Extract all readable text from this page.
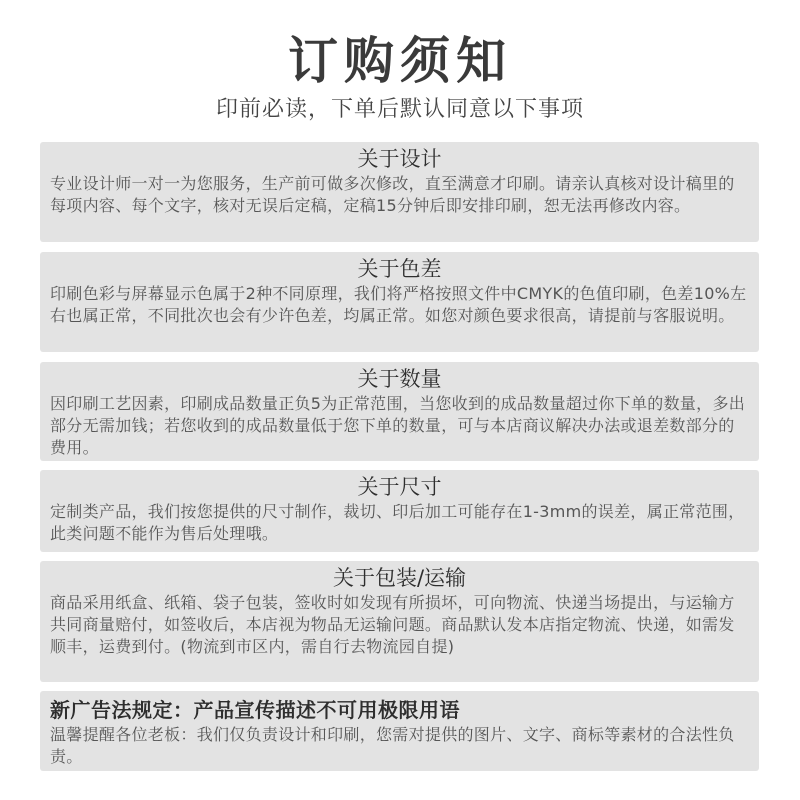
订购须知
印前必读，下单后默认同意以下事项
关于设计
专业设计师一对一为您服务，生产前可做多次修改，直至满意才印刷。请亲认真核对设计稿里的每项内容、每个文字，核对无误后定稿，定稿15分钟后即安排印刷，恕无法再修改内容。
关于色差
印刷色彩与屏幕显示色属于2种不同原理，我们将严格按照文件中CMYK的色值印刷，色差10%左右也属正常，不同批次也会有少许色差，均属正常。如您对颜色要求很高，请提前与客服说明。
关于数量
因印刷工艺因素，印刷成品数量正负5为正常范围，当您收到的成品数量超过你下单的数量，多出部分无需加钱；若您收到的成品数量低于您下单的数量，可与本店商议解决办法或退差数部分的费用。
关于尺寸
定制类产品，我们按您提供的尺寸制作，裁切、印后加工可能存在1-3mm的误差，属正常范围，此类问题不能作为售后处理哦。
关于包装/运输
商品采用纸盒、纸箱、袋子包装，签收时如发现有所损坏，可向物流、快递当场提出，与运输方共同商量赔付，如签收后，本店视为物品无运输问题。商品默认发本店指定物流、快递，如需发顺丰，运费到付。(物流到市区内，需自行去物流园自提)
新广告法规定：产品宣传描述不可用极限用语
温馨提醒各位老板：我们仅负责设计和印刷，您需对提供的图片、文字、商标等素材的合法性负责。
